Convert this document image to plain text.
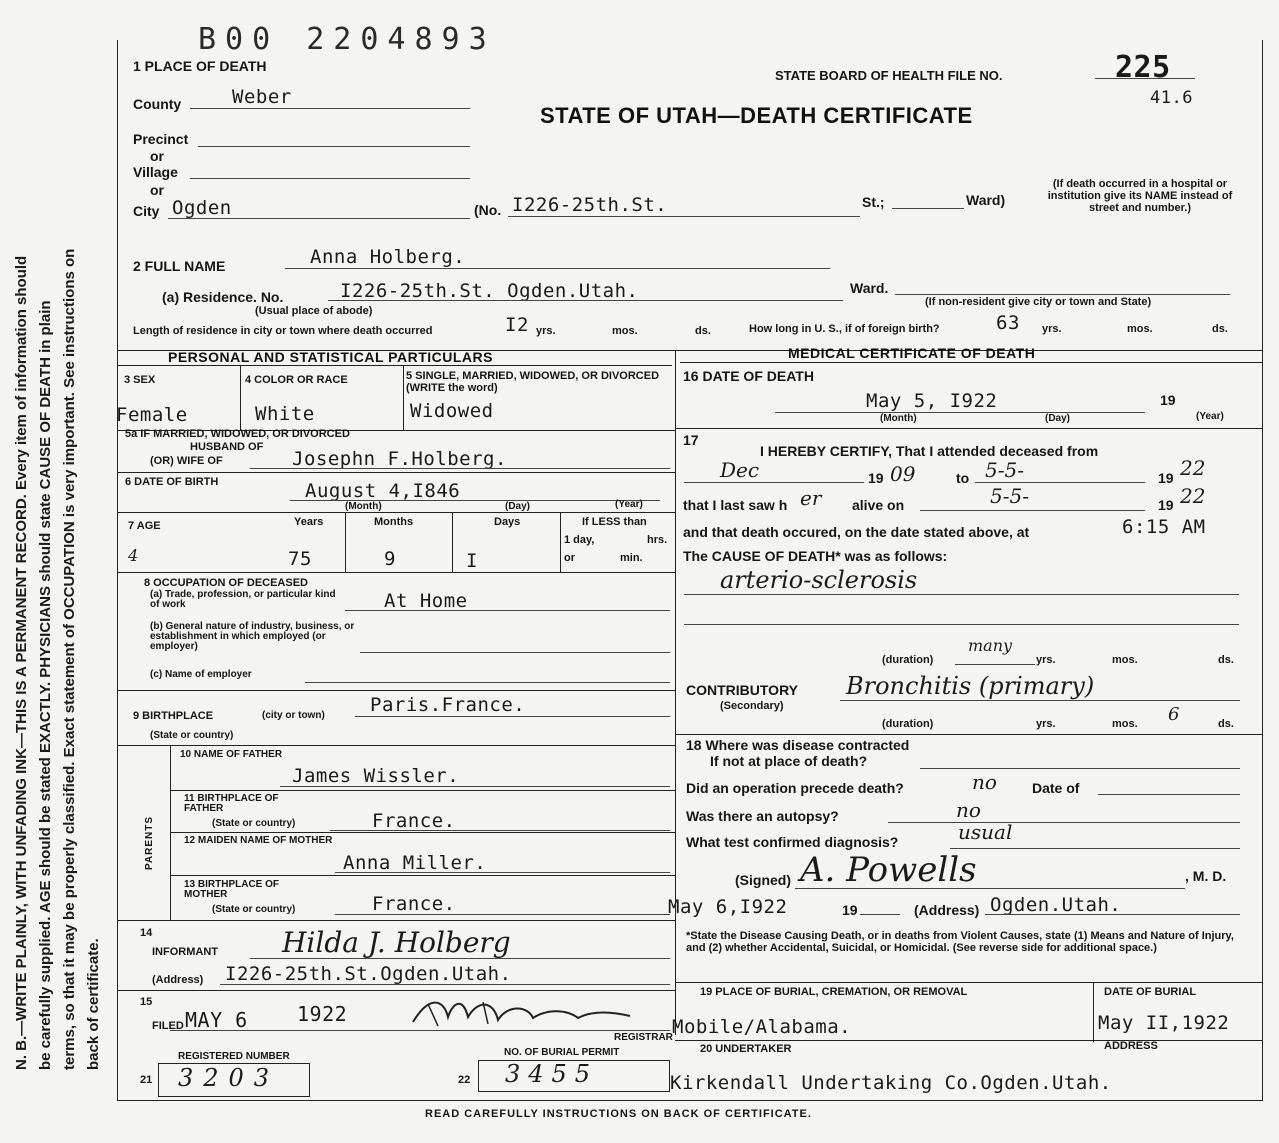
N. B.—WRITE PLAINLY, WITH UNFADING INK—THIS IS A PERMANENT RECORD. Every item of information should be carefully supplied. AGE should be stated EXACTLY. PHYSICIANS should state CAUSE OF DEATH in plain terms, so that it may be properly classified. Exact statement of OCCUPATION is very important. See instructions on back of certificate.
B00 2204893
STATE BOARD OF HEALTH FILE NO.	225
41.6
STATE OF UTAH—DEATH CERTIFICATE
1 PLACE OF DEATH
County	Weber
Precinct
or
Village
or
City Ogden	(No. I226-25th.St.	St.;	Ward)
(If death occurred in a hospital or institution give its NAME instead of street and number.)
2 FULL NAME	Anna Holberg.
(a) Residence. No.	I226-25th.St. Ogden.Utah.
(Usual place of abode)
Ward.
(If non-resident give city or town and State)
Length of residence in city or town where death occurred	I2 yrs.	mos.	ds.	How long in U. S., if of foreign birth?	63 yrs.	mos.	ds.
PERSONAL AND STATISTICAL PARTICULARS	MEDICAL CERTIFICATE OF DEATH
3 SEX
Female
4 COLOR OR RACE
White
5 SINGLE, MARRIED, WIDOWED, OR DIVORCED (WRITE the word)
Widowed
5a IF MARRIED, WIDOWED, OR DIVORCED
HUSBAND OF
(OR) WIFE OF	Josephn F.Holberg.
6 DATE OF BIRTH	August 4,I846
(Month)	(Day)	(Year)
7 AGE	Years	Months	Days
4	75	9	I
If LESS than
1 day,	hrs.
or	min.
8 OCCUPATION OF DECEASED
(a) Trade, profession, or particular kind of work	At Home
(b) General nature of industry, business, or establishment in which employed (or employer)
(c) Name of employer
9 BIRTHPLACE	(city or town)
(State or country)
Paris.France.
PARENTS
10 NAME OF FATHER
James Wissler.
11 BIRTHPLACE OF FATHER
(State or country)	France.
12 MAIDEN NAME OF MOTHER
Anna Miller.
13 BIRTHPLACE OF MOTHER
(State or country)	France.
14
INFORMANT Hilda J. Holberg
(Address) I226-25th.St.Ogden.Utah.
15
FILED MAY 6 1922
REGISTRAR
REGISTERED NUMBER
21 3203
NO. OF BURIAL PERMIT
22 3455
16 DATE OF DEATH
May 5, I922	19
(Month)	(Day)	(Year)
17
I HEREBY CERTIFY, That I attended deceased from
Dec	19 09	to 5-5-	19 22
that I last saw h er alive on	5-5-	19 22
and that death occured, on the date stated above, at	6:15 AM
The CAUSE OF DEATH* was as follows:
arterio-sclerosis
(duration)
many
yrs.	mos.	ds.
CONTRIBUTORY
(Secondary)
Bronchitis (primary)
(duration)	yrs.	mos. 6	ds.
18 Where was disease contracted
If not at place of death?
Did an operation precede death?	no	Date of
Was there an autopsy?	no
What test confirmed diagnosis?	usual
(Signed) A. Powells	, M. D.
May 6,I922	19	(Address) Ogden.Utah.
*State the Disease Causing Death, or in deaths from Violent Causes, state (1) Means and Nature of Injury, and (2) whether Accidental, Suicidal, or Homicidal. (See reverse side for additional space.)
19 PLACE OF BURIAL, CREMATION, OR REMOVAL
Mobile/Alabama.
DATE OF BURIAL
May II,1922
20 UNDERTAKER	ADDRESS
Kirkendall Undertaking Co.Ogden.Utah.
READ CAREFULLY INSTRUCTIONS ON BACK OF CERTIFICATE.
